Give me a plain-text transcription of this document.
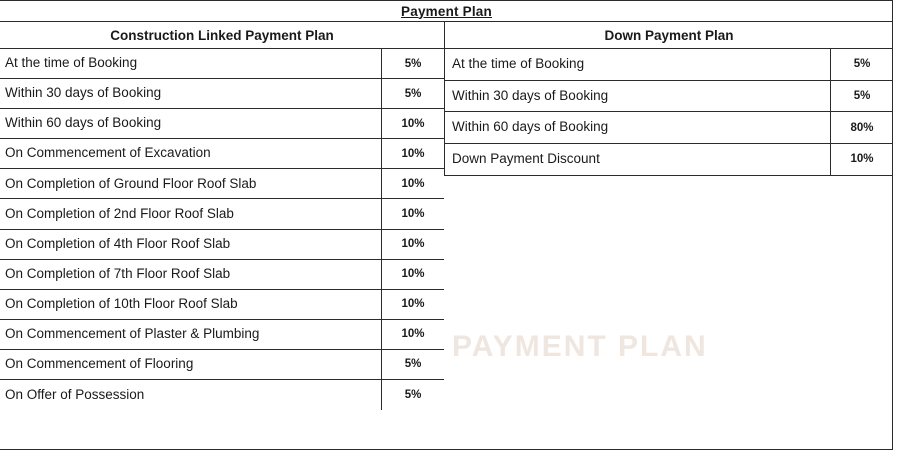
PAYMENT PLAN
Payment Plan
Construction Linked Payment Plan
At the time of Booking	5%
Within 30 days of Booking	5%
Within 60 days of Booking	10%
On Commencement of Excavation	10%
On Completion of Ground Floor Roof Slab	10%
On Completion of 2nd Floor Roof Slab	10%
On Completion of 4th Floor Roof Slab	10%
On Completion of 7th Floor Roof Slab	10%
On Completion of 10th Floor Roof Slab	10%
On Commencement of Plaster & Plumbing	10%
On Commencement of Flooring	5%
On Offer of Possession	5%
Down Payment Plan
At the time of Booking	5%
Within 30 days of Booking	5%
Within 60 days of Booking	80%
Down Payment Discount	10%
